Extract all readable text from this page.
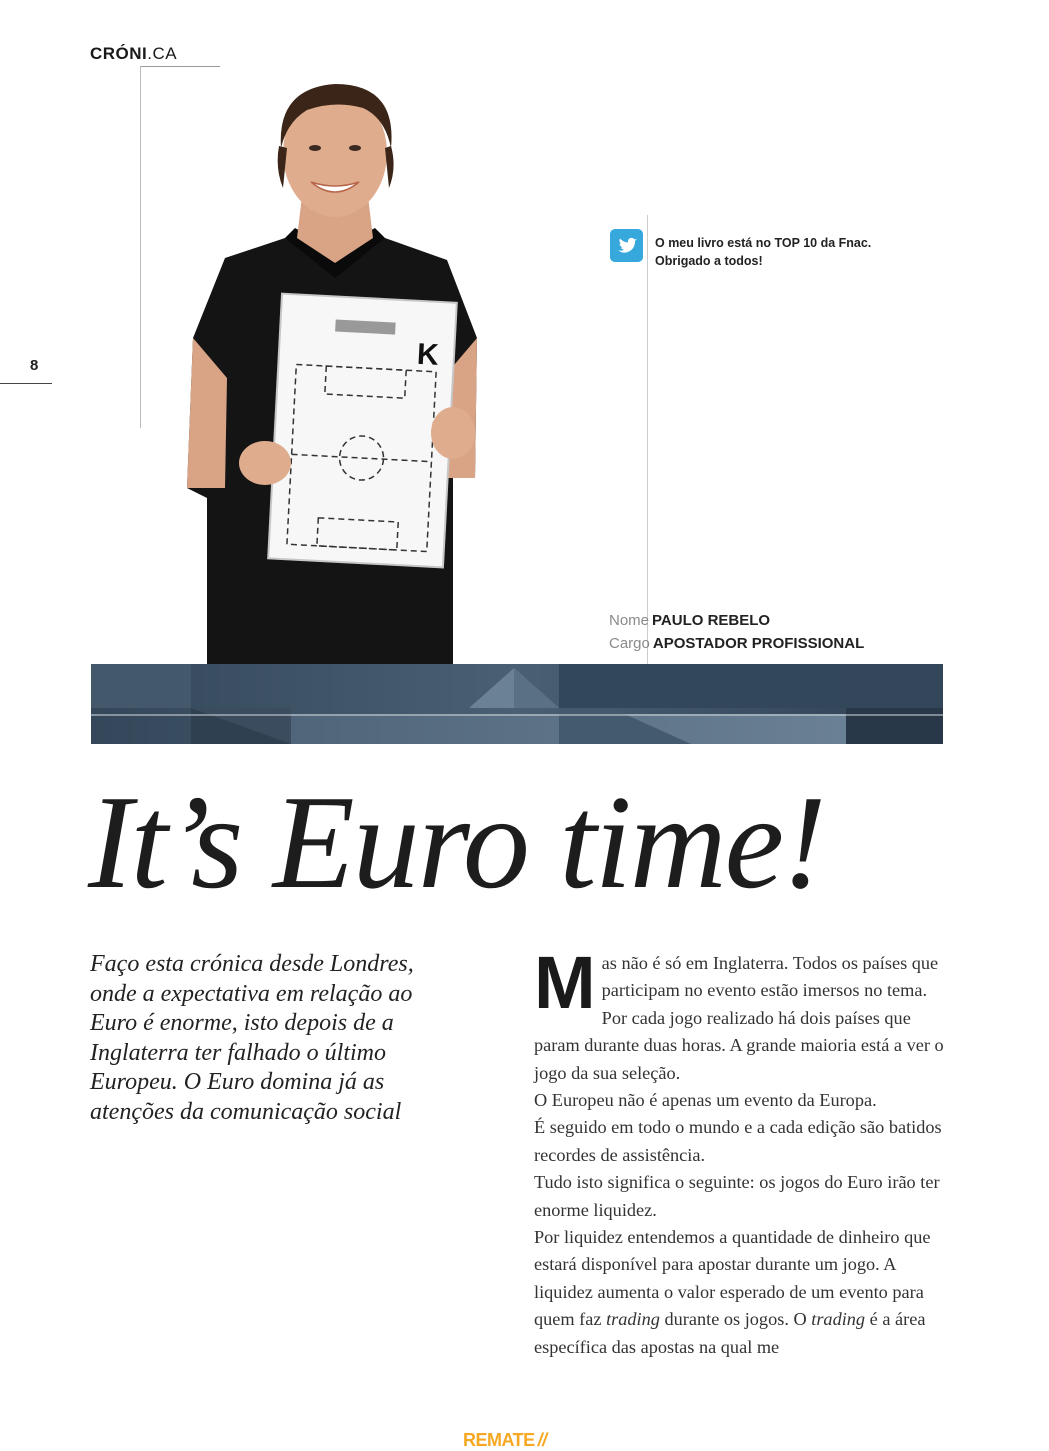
CRÓNI.CA
8	K
O meu livro está no TOP 10 da Fnac.
Obrigado a todos!
Nome PAULO REBELO
Cargo APOSTADOR PROFISSIONAL
It’s Euro time!
Faço esta crónica desde Londres, onde a expectativa em relação ao Euro é enorme, isto depois de a Inglaterra ter falhado o último Europeu. O Euro domina já as atenções da comunicação social

Mas não é só em Inglaterra. Todos os países que participam no evento estão imersos no tema. Por cada jogo realizado há dois países que param durante duas horas. A grande maioria está a ver o jogo da sua seleção.

O Europeu não é apenas um evento da Europa.

É seguido em todo o mundo e a cada edição são batidos recordes de assistência.

Tudo isto significa o seguinte: os jogos do Euro irão ter enorme liquidez.

Por liquidez entendemos a quantidade de dinheiro que estará disponível para apostar durante um jogo. A liquidez aumenta o valor esperado de um evento para quem faz trading durante os jogos. O trading é a área específica das apostas na qual me

REMATE //
